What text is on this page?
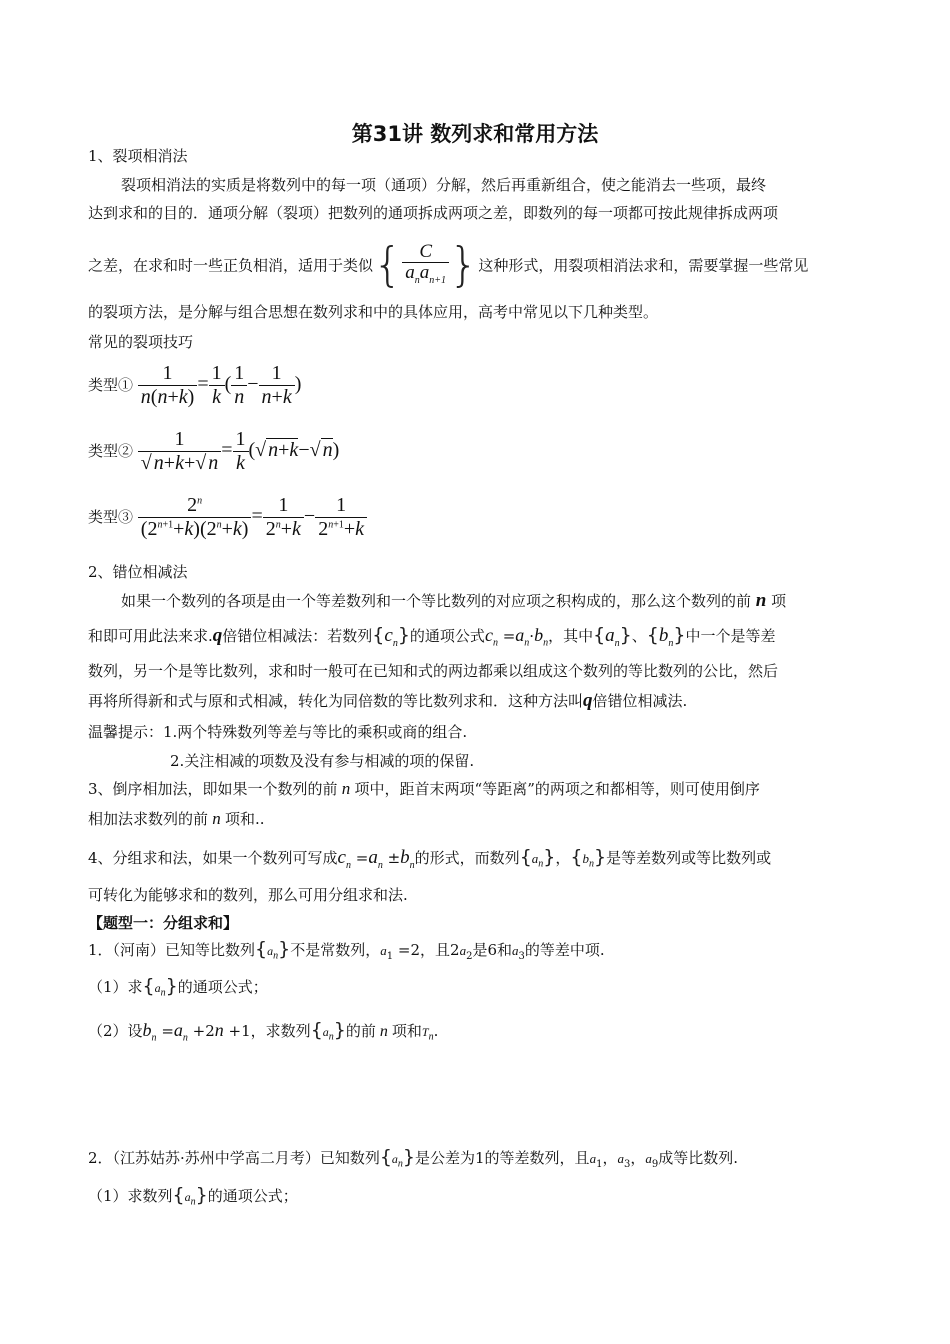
第31讲 数列求和常用方法
1、裂项相消法
裂项相消法的实质是将数列中的每一项（通项）分解，然后再重新组合，使之能消去一些项，最终
达到求和的目的．通项分解（裂项）把数列的通项拆成两项之差，即数列的每一项都可按此规律拆成两项
之差，在求和时一些正负相消，适用于类似{ $\frac{C}{a_na_{n+1}}$ }这种形式，用裂项相消法求和，需要掌握一些常见
的裂项方法，是分解与组合思想在数列求和中的具体应用，高考中常见以下几种类型。
常见的裂项技巧
类型① $\frac{1}{n(n+k)} = \frac{1}{k}$ ( $\frac{1}{n} - \frac{1}{n+k}$ )
类型② $\frac{1}{√ n+k+√ n} = \frac{1}{k}$ (√ n+k−√ n)
类型③ $\frac{2^n}{(2^{n+1}+k)(2^n+k)} = \frac{1}{2^n+k} - \frac{1}{2^{n+1}+k}$
2、错位相减法
如果一个数列的各项是由一个等差数列和一个等比数列的对应项之积构成的，那么这个数列的前 n 项
和即可用此法来求.q倍错位相减法：若数列$\{c_n\}$的通项公式$c_n =a_n\cdot b_n$，其中$\{a_n\}$、$\{b_n\}$中一个是等差
数列，另一个是等比数列，求和时一般可在已知和式的两边都乘以组成这个数列的等比数列的公比，然后
再将所得新和式与原和式相减，转化为同倍数的等比数列求和．这种方法叫q倍错位相减法.
温馨提示：1.两个特殊数列等差与等比的乘积或商的组合.
2.关注相减的项数及没有参与相减的项的保留.
3、倒序相加法，即如果一个数列的前 n 项中，距首末两项“等距离”的两项之和都相等，则可使用倒序
相加法求数列的前 n 项和..
4、分组求和法，如果一个数列可写成$c_n =a_n \pm b_n$的形式，而数列$\{a_n\}$，$\{b_n\}$是等差数列或等比数列或
可转化为能够求和的数列，那么可用分组求和法.
【题型一：分组求和】
1．（河南）已知等比数列$\{a_n\}$不是常数列，$a_1 =2$，且$2a_2$是6和$a_3$的等差中项.
（1）求$\{a_n\}$的通项公式；
（2）设$b_n =a_n +2n +1$，求数列$\{a_n\}$的前 n 项和$T_n$.
2．（江苏姑苏·苏州中学高二月考）已知数列$\{a_n\}$是公差为1的等差数列，且$a_1$，$a_3$，$a_9$成等比数列.
（1）求数列$\{a_n\}$的通项公式；
